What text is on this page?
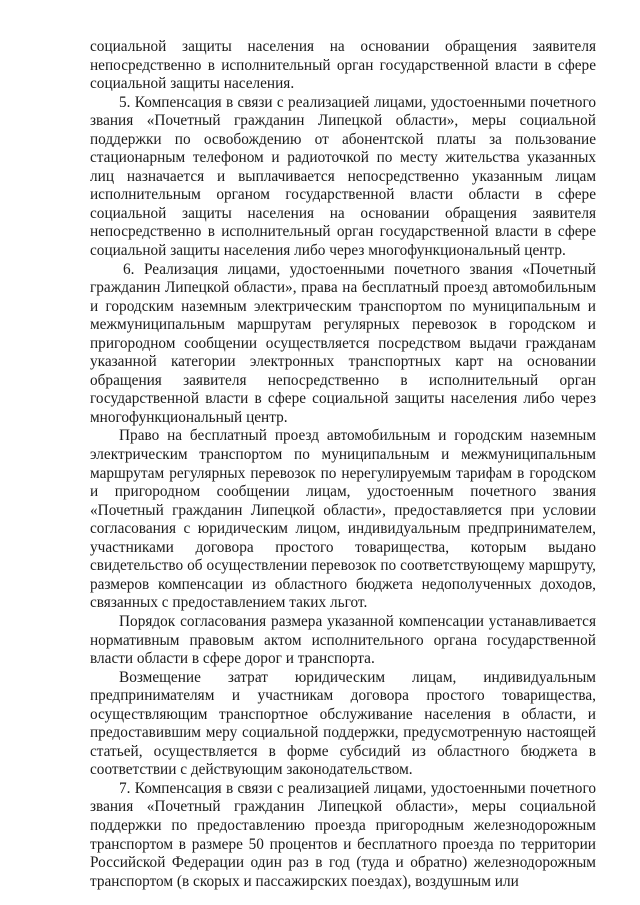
социальной защиты населения на основании обращения заявителя непосредственно в исполнительный орган государственной власти в сфере социальной защиты населения.

5. Компенсация в связи с реализацией лицами, удостоенными почетного звания «Почетный гражданин Липецкой области», меры социальной поддержки по освобождению от абонентской платы за пользование стационарным телефоном и радиоточкой по месту жительства указанных лиц назначается и выплачивается непосредственно указанным лицам исполнительным органом государственной власти области в сфере социальной защиты населения на основании обращения заявителя непосредственно в исполнительный орган государственной власти в сфере социальной защиты населения либо через многофункциональный центр.

6. Реализация лицами, удостоенными почетного звания «Почетный гражданин Липецкой области», права на бесплатный проезд автомобильным и городским наземным электрическим транспортом по муниципальным и межмуниципальным маршрутам регулярных перевозок в городском и пригородном сообщении осуществляется посредством выдачи гражданам указанной категории электронных транспортных карт на основании обращения заявителя непосредственно в исполнительный орган государственной власти в сфере социальной защиты населения либо через многофункциональный центр.

Право на бесплатный проезд автомобильным и городским наземным электрическим транспортом по муниципальным и межмуниципальным маршрутам регулярных перевозок по нерегулируемым тарифам в городском и пригородном сообщении лицам, удостоенным почетного звания «Почетный гражданин Липецкой области», предоставляется при условии согласования с юридическим лицом, индивидуальным предпринимателем, участниками договора простого товарищества, которым выдано свидетельство об осуществлении перевозок по соответствующему маршруту, размеров компенсации из областного бюджета недополученных доходов, связанных с предоставлением таких льгот.

Порядок согласования размера указанной компенсации устанавливается нормативным правовым актом исполнительного органа государственной власти области в сфере дорог и транспорта.

Возмещение затрат юридическим лицам, индивидуальным предпринимателям и участникам договора простого товарищества, осуществляющим транспортное обслуживание населения в области, и предоставившим меру социальной поддержки, предусмотренную настоящей статьей, осуществляется в форме субсидий из областного бюджета в соответствии с действующим законодательством.

7. Компенсация в связи с реализацией лицами, удостоенными почетного звания «Почетный гражданин Липецкой области», меры социальной поддержки по предоставлению проезда пригородным железнодорожным транспортом в размере 50 процентов и бесплатного проезда по территории Российской Федерации один раз в год (туда и обратно) железнодорожным транспортом (в скорых и пассажирских поездах), воздушным или
